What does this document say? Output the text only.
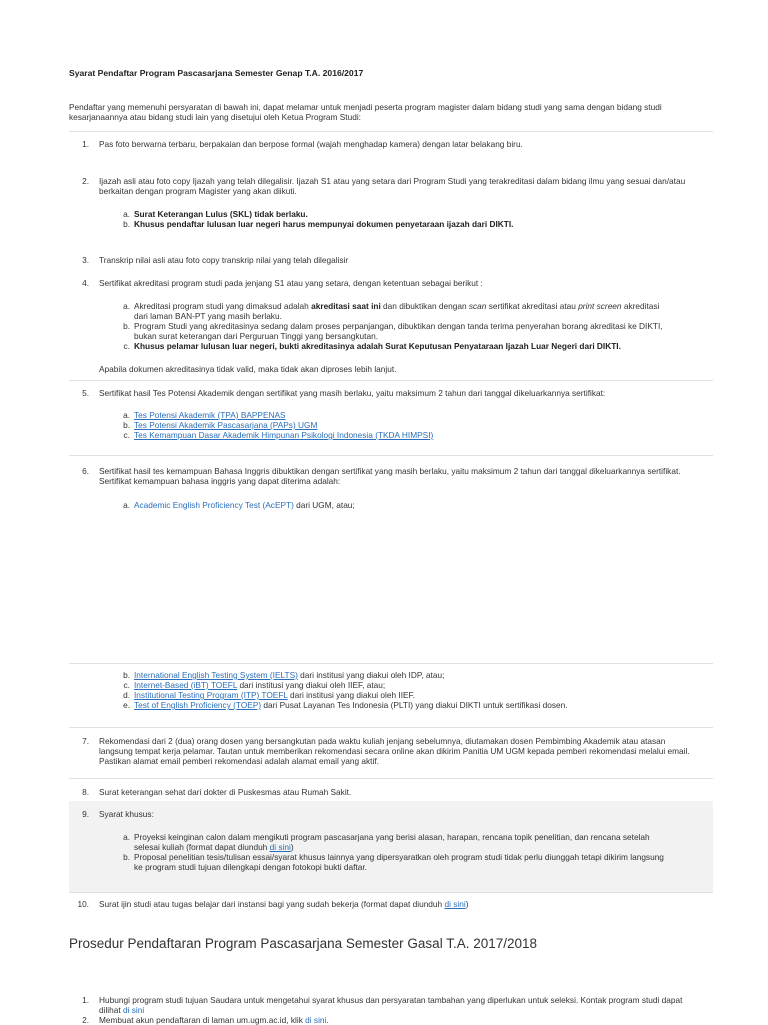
Syarat Pendaftar Program Pascasarjana Semester Genap T.A. 2016/2017
Pendaftar yang memenuhi persyaratan di bawah ini, dapat melamar untuk menjadi peserta program magister dalam bidang studi yang sama dengan bidang studi kesarjanaannya atau bidang studi lain yang disetujui oleh Ketua Program Studi:
1. Pas foto berwarna terbaru, berpakaian dan berpose formal (wajah menghadap kamera) dengan latar belakang biru.
2. Ijazah asli atau foto copy Ijazah yang telah dilegalisir. Ijazah S1 atau yang setara dari Program Studi yang terakreditasi dalam bidang ilmu yang sesuai dan/atau berkaitan dengan program Magister yang akan diikuti.
a. Surat Keterangan Lulus (SKL) tidak berlaku.
b. Khusus pendaftar lulusan luar negeri harus mempunyai dokumen penyetaraan ijazah dari DIKTI.
3. Transkrip nilai asli atau foto copy transkrip nilai yang telah dilegalisir
4. Sertifikat akreditasi program studi pada jenjang S1 atau yang setara, dengan ketentuan sebagai berikut :
a. Akreditasi program studi yang dimaksud adalah akreditasi saat ini dan dibuktikan dengan scan sertifikat akreditasi atau print screen akreditasi dari laman BAN-PT yang masih berlaku.
b. Program Studi yang akreditasinya sedang dalam proses perpanjangan, dibuktikan dengan tanda terima penyerahan borang akreditasi ke DIKTI, bukan surat keterangan dari Perguruan Tinggi yang bersangkutan.
c. Khusus pelamar lulusan luar negeri, bukti akreditasinya adalah Surat Keputusan Penyataraan Ijazah Luar Negeri dari DIKTI.
Apabila dokumen akreditasinya tidak valid, maka tidak akan diproses lebih lanjut.
5. Sertifikat hasil Tes Potensi Akademik dengan sertifikat yang masih berlaku, yaitu maksimum 2 tahun dari tanggal dikeluarkannya sertifikat:
a. Tes Potensi Akademik (TPA) BAPPENAS
b. Tes Potensi Akademik Pascasarjana (PAPs) UGM
c. Tes Kemampuan Dasar Akademik Himpunan Psikologi Indonesia (TKDA HIMPSI)
6. Sertifikat hasil tes kemampuan Bahasa Inggris dibuktikan dengan sertifikat yang masih berlaku, yaitu maksimum 2 tahun dari tanggal dikeluarkannya sertifikat. Sertifikat kemampuan bahasa inggris yang dapat diterima adalah:
a. Academic English Proficiency Test (AcEPT) dari UGM, atau;
b. International English Testing System (IELTS) dari institusi yang diakui oleh IDP, atau;
c. Internet-Based (iBT) TOEFL dari institusi yang diakui oleh IIEF, atau;
d. Institutional Testing Program (ITP) TOEFL dari institusi yang diakui oleh IIEF.
e. Test of English Proficiency (TOEP) dari Pusat Layanan Tes Indonesia (PLTI) yang diakui DIKTI untuk sertifikasi dosen.
7. Rekomendasi dari 2 (dua) orang dosen yang bersangkutan pada waktu kuliah jenjang sebelumnya, diutamakan dosen Pembimbing Akademik atau atasan langsung tempat kerja pelamar. Tautan untuk memberikan rekomendasi secara online akan dikirim Panitia UM UGM kepada pemberi rekomendasi melalui email. Pastikan alamat email pemberi rekomendasi adalah alamat email yang aktif.
8. Surat keterangan sehat dari dokter di Puskesmas atau Rumah Sakit.
9. Syarat khusus:
a. Proyeksi keinginan calon dalam mengikuti program pascasarjana yang berisi alasan, harapan, rencana topik penelitian, dan rencana setelah selesai kuliah (format dapat diunduh di sini)
b. Proposal penelitian tesis/tulisan essai/syarat khusus lainnya yang dipersyaratkan oleh program studi tidak perlu diunggah tetapi dikirim langsung ke program studi tujuan dilengkapi dengan fotokopi bukti daftar.
10. Surat ijin studi atau tugas belajar dari instansi bagi yang sudah bekerja (format dapat diunduh di sini)
Prosedur Pendaftaran Program Pascasarjana Semester Gasal T.A. 2017/2018
1. Hubungi program studi tujuan Saudara untuk mengetahui syarat khusus dan persyaratan tambahan yang diperlukan untuk seleksi. Kontak program studi dapat dilihat di sini
2. Membuat akun pendaftaran di laman um.ugm.ac.id, klik di sini.
